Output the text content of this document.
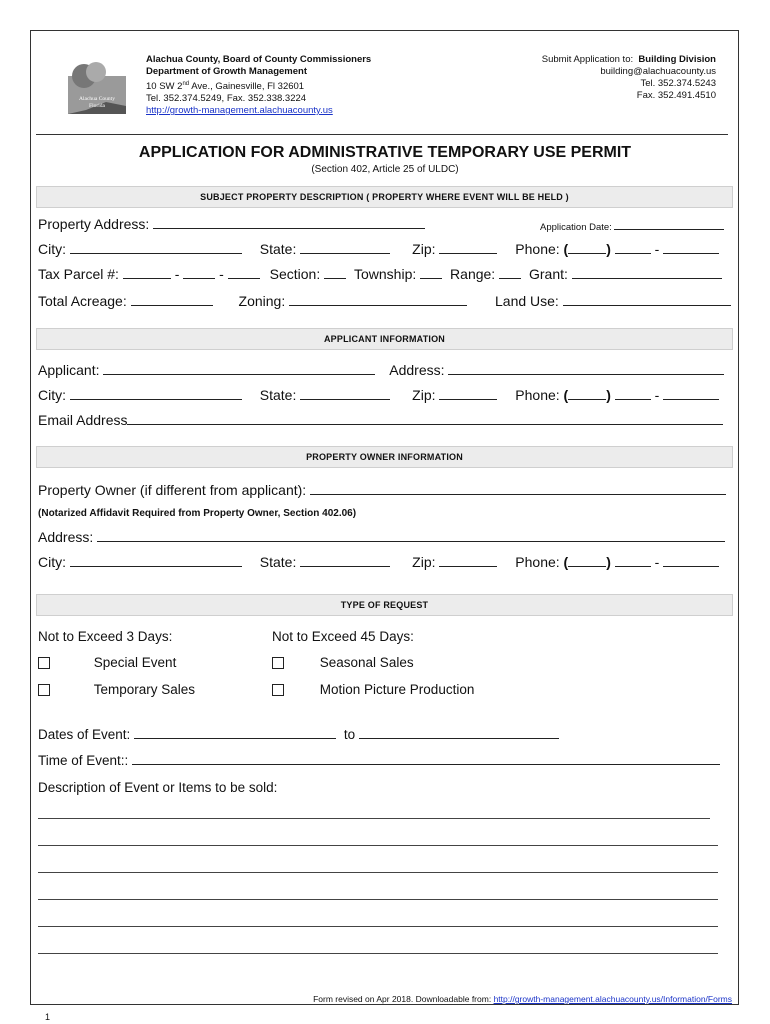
Alachua County
Florida
Alachua County, Board of County Commissioners
Department of Growth Management
10 SW 2nd Ave., Gainesville, Fl 32601
Tel. 352.374.5249, Fax. 352.338.3224
http://growth-management.alachuacounty.us
Submit Application to: Building Division
building@alachuacounty.us
Tel. 352.374.5243
Fax. 352.491.4510
APPLICATION FOR ADMINISTRATIVE TEMPORARY USE PERMIT
(Section 402, Article 25 of ULDC)
SUBJECT PROPERTY DESCRIPTION ( PROPERTY WHERE EVENT WILL BE HELD )
Property Address:	Application Date:
City:	State:	Zip:	Phone: (	)	-
Tax Parcel #:	-  -	Section: Township: Range: Grant:
Total Acreage:	Zoning:	Land Use:
APPLICANT INFORMATION
Applicant:	Address:
City:	State:	Zip:	Phone: (	)	-
Email Address
PROPERTY OWNER INFORMATION
Property Owner (if different from applicant):
(Notarized Affidavit Required from Property Owner, Section 402.06)
Address:
City:	State:	Zip:	Phone: (	)	-
TYPE OF REQUEST
Not to Exceed 3 Days:	Not to Exceed 45 Days:
Special Event	Seasonal Sales
Temporary Sales	Motion Picture Production
Dates of Event:	to
Time of Event::
Description of Event or Items to be sold:
1
Form revised on Apr 2018. Downloadable from: http://growth-management.alachuacounty.us/Information/Forms
